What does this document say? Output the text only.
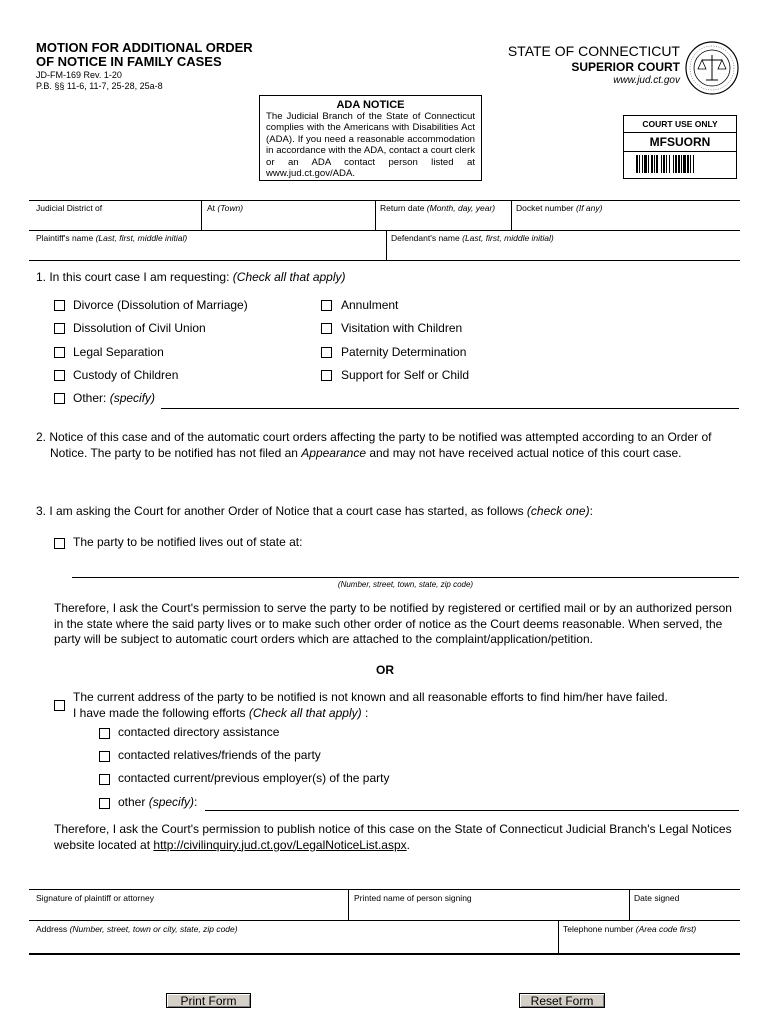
MOTION FOR ADDITIONAL ORDER
OF NOTICE IN FAMILY CASES
JD-FM-169 Rev. 1-20
P.B. §§ 11-6, 11-7, 25-28, 25a-8
STATE OF CONNECTICUT
SUPERIOR COURT
www.jud.ct.gov
ADA NOTICE
The Judicial Branch of the State of Connecticut complies with the Americans with Disabilities Act (ADA). If you need a reasonable accommodation in accordance with the ADA, contact a court clerk or an ADA contact person listed at www.jud.ct.gov/ADA.
COURT USE ONLY
MFSUORN
Judicial District of	At (Town)	Return date (Month, day, year)	Docket number (If any)
Plaintiff's name (Last, first, middle initial)	Defendant's name (Last, first, middle initial)
1. In this court case I am requesting: (Check all that apply)
Divorce (Dissolution of Marriage)
Dissolution of Civil Union
Legal Separation
Custody of Children
Annulment
Visitation with Children
Paternity Determination
Support for Self or Child
Other: (specify)
2. Notice of this case and of the automatic court orders affecting the party to be notified was attempted according to an Order of Notice. The party to be notified has not filed an Appearance and may not have received actual notice of this court case.
3. I am asking the Court for another Order of Notice that a court case has started, as follows (check one):
The party to be notified lives out of state at:
(Number, street, town, state, zip code)
Therefore, I ask the Court's permission to serve the party to be notified by registered or certified mail or by an authorized person in the state where the said party lives or to make such other order of notice as the Court deems reasonable. When served, the party will be subject to automatic court orders which are attached to the complaint/application/petition.
OR
The current address of the party to be notified is not known and all reasonable efforts to find him/her have failed.
I have made the following efforts (Check all that apply) :
contacted directory assistance
contacted relatives/friends of the party
contacted current/previous employer(s) of the party
other (specify):
Therefore, I ask the Court's permission to publish notice of this case on the State of Connecticut Judicial Branch's Legal Notices website located at http://civilinquiry.jud.ct.gov/LegalNoticeList.aspx.
Signature of plaintiff or attorney	Printed name of person signing	Date signed
Address (Number, street, town or city, state, zip code)	Telephone number (Area code first)
Print Form	Reset Form
